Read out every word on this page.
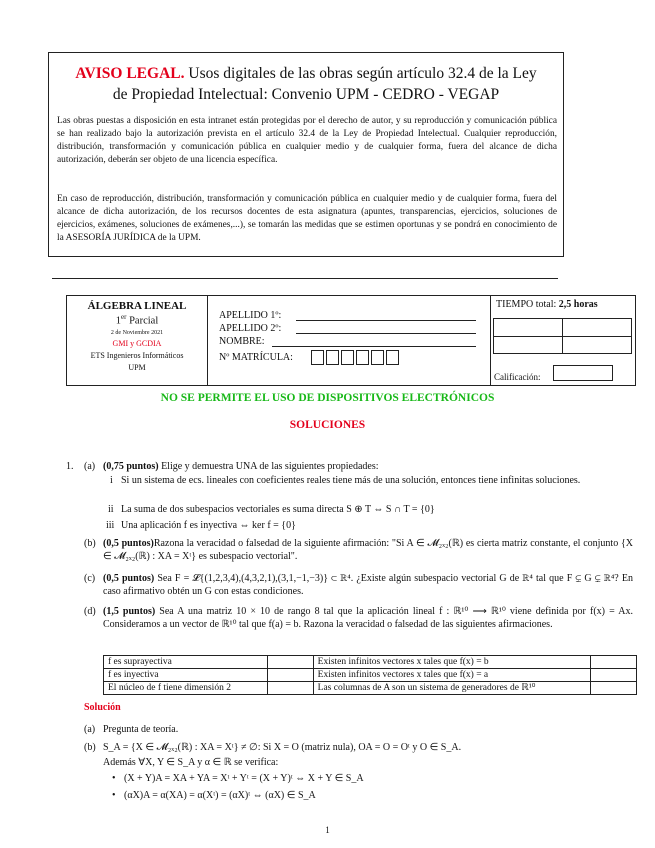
AVISO LEGAL. Usos digitales de las obras según artículo 32.4 de la Ley
de Propiedad Intelectual: Convenio UPM - CEDRO - VEGAP

Las obras puestas a disposición en esta intranet están protegidas por el derecho de autor, y su reproducción y comunicación pública se han realizado bajo la autorización prevista en el artículo 32.4 de la Ley de Propiedad Intelectual. Cualquier reproducción, distribución, transformación y comunicación pública en cualquier medio y de cualquier forma, fuera del alcance de dicha autorización, deberán ser objeto de una licencia específica.

En caso de reproducción, distribución, transformación y comunicación pública en cualquier medio y de cualquier forma, fuera del alcance de dicha autorización, de los recursos docentes de esta asignatura (apuntes, transparencias, ejercicios, soluciones de ejercicios, exámenes, soluciones de exámenes,...), se tomarán las medidas que se estimen oportunas y se pondrá en conocimiento de la ASESORÍA JURÍDICA de la UPM.

ÁLGEBRA LINEAL
1er Parcial
2 de Noviembre 2021
GMI y GCDIA
ETS Ingenieros Informáticos
UPM
APELLIDO 1º:
APELLIDO 2º:
NOMBRE:
Nº MATRÍCULA:
TIEMPO total: 2,5 horas
Calificación:
NO SE PERMITE EL USO DE DISPOSITIVOS ELECTRÓNICOS
SOLUCIONES
1. (a) (0,75 puntos) Elige y demuestra UNA de las siguientes propiedades:
i Si un sistema de ecs. lineales con coeficientes reales tiene más de una solución, entonces tiene infinitas soluciones.
ii La suma de dos subespacios vectoriales es suma directa S ⊕ T ⇔ S ∩ T = {0}
iii Una aplicación f es inyectiva ⇔ ker f = {0}
(b) (0,5 puntos)Razona la veracidad o falsedad de la siguiente afirmación: "Si A ∈ 𝓜₂ₓ₂(ℝ) es cierta matriz constante, el conjunto {X ∈ 𝓜₂ₓ₂(ℝ) : XA = Xᵗ} es subespacio vectorial".
(c) (0,5 puntos) Sea F = 𝓛{(1,2,3,4),(4,3,2,1),(3,1,−1,−3)} ⊂ ℝ⁴. ¿Existe algún subespacio vectorial G de ℝ⁴ tal que F ⊊ G ⊊ ℝ⁴? En caso afirmativo obtén un G con estas condiciones.
(d) (1,5 puntos) Sea A una matriz 10 × 10 de rango 8 tal que la aplicación lineal f : ℝ¹⁰ ⟶ ℝ¹⁰ viene definida por f(x) = Ax. Consideramos a un vector de ℝ¹⁰ tal que f(a) = b. Razona la veracidad o falsedad de las siguientes afirmaciones.
f es suprayectiva		Existen infinitos vectores x tales que f(x) = b	
f es inyectiva		Existen infinitos vectores x tales que f(x) = a	
El núcleo de f tiene dimensión 2		Las columnas de A son un sistema de generadores de ℝ¹⁰	
Solución
(a) Pregunta de teoría.
(b) S_A = {X ∈ 𝓜₂ₓ₂(ℝ) : XA = Xᵗ} ≠ ∅: Si X = O (matriz nula), OA = O = Oᵗ y O ∈ S_A.
Además ∀X, Y ∈ S_A y α ∈ ℝ se verifica:
• (X + Y)A = XA + YA = Xᵗ + Yᵗ = (X + Y)ᵗ ⇔ X + Y ∈ S_A
• (αX)A = α(XA) = α(Xᵗ) = (αX)ᵗ ⇔ (αX) ∈ S_A
1
